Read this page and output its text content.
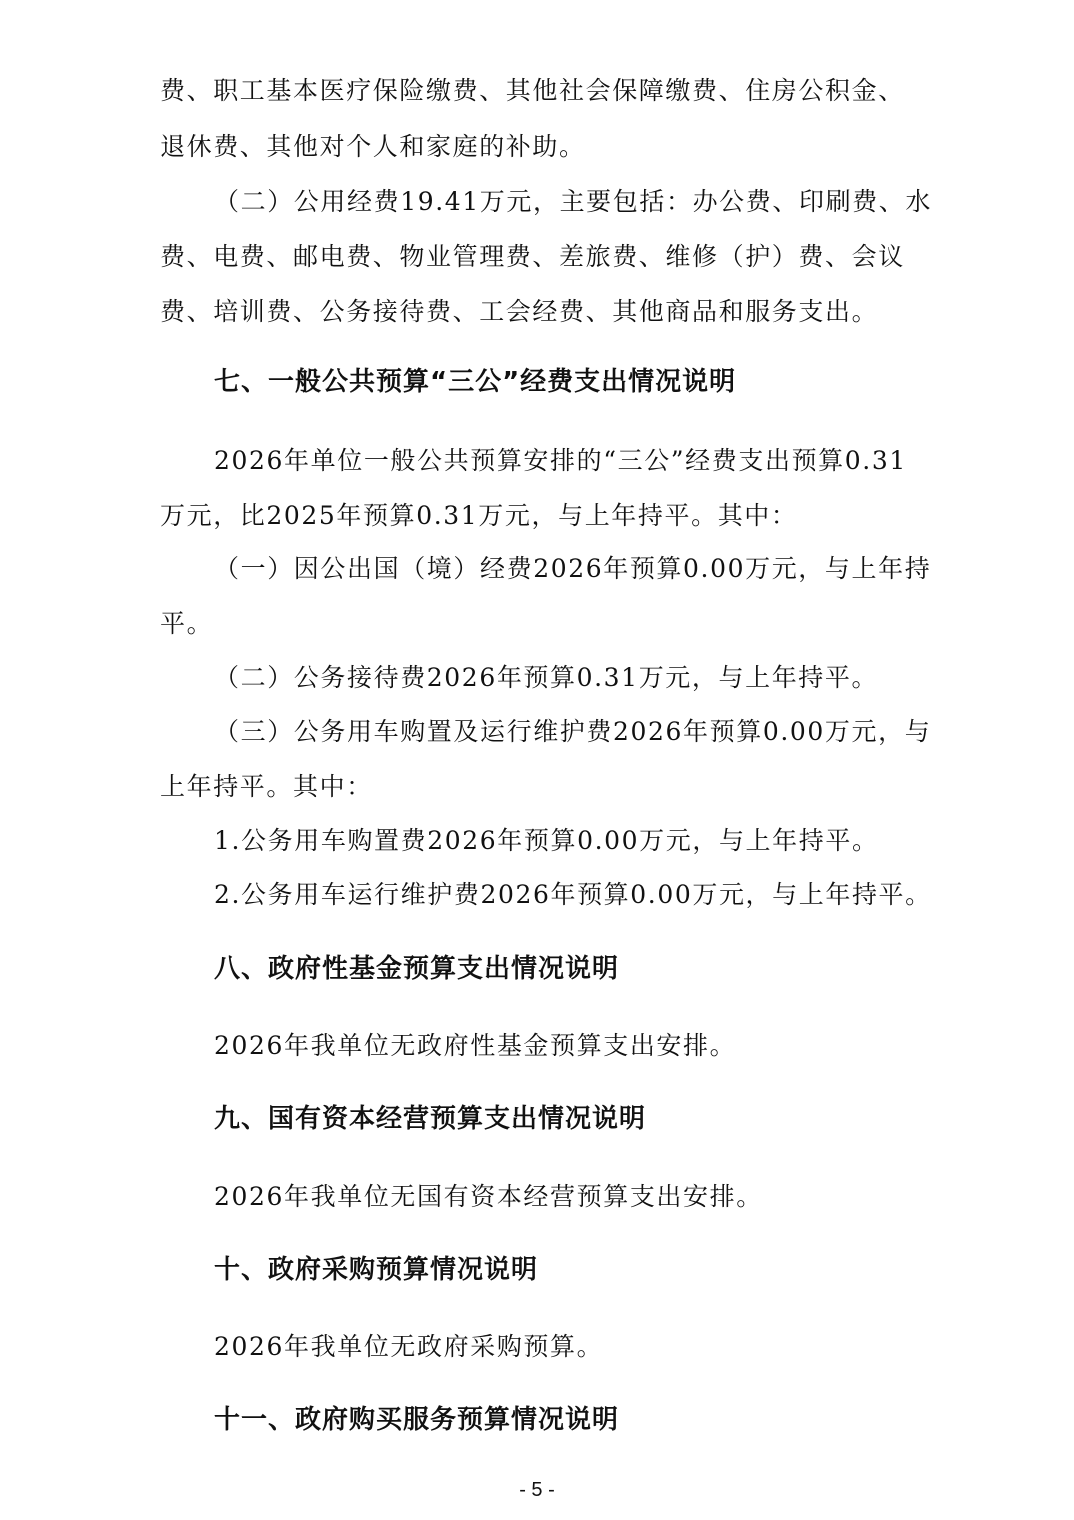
费、职工基本医疗保险缴费、其他社会保障缴费、住房公积金、
退休费、其他对个人和家庭的补助。
（二）公用经费19.41万元，主要包括：办公费、印刷费、水
费、电费、邮电费、物业管理费、差旅费、维修（护）费、会议
费、培训费、公务接待费、工会经费、其他商品和服务支出。
七、一般公共预算“三公”经费支出情况说明
2026年单位一般公共预算安排的“三公”经费支出预算0.31
万元，比2025年预算0.31万元，与上年持平。其中：
（一）因公出国（境）经费2026年预算0.00万元，与上年持
平。
（二）公务接待费2026年预算0.31万元，与上年持平。
（三）公务用车购置及运行维护费2026年预算0.00万元，与
上年持平。其中：
1.公务用车购置费2026年预算0.00万元，与上年持平。
2.公务用车运行维护费2026年预算0.00万元，与上年持平。
八、政府性基金预算支出情况说明
2026年我单位无政府性基金预算支出安排。
九、国有资本经营预算支出情况说明
2026年我单位无国有资本经营预算支出安排。
十、政府采购预算情况说明
2026年我单位无政府采购预算。
十一、政府购买服务预算情况说明
- 5 -
